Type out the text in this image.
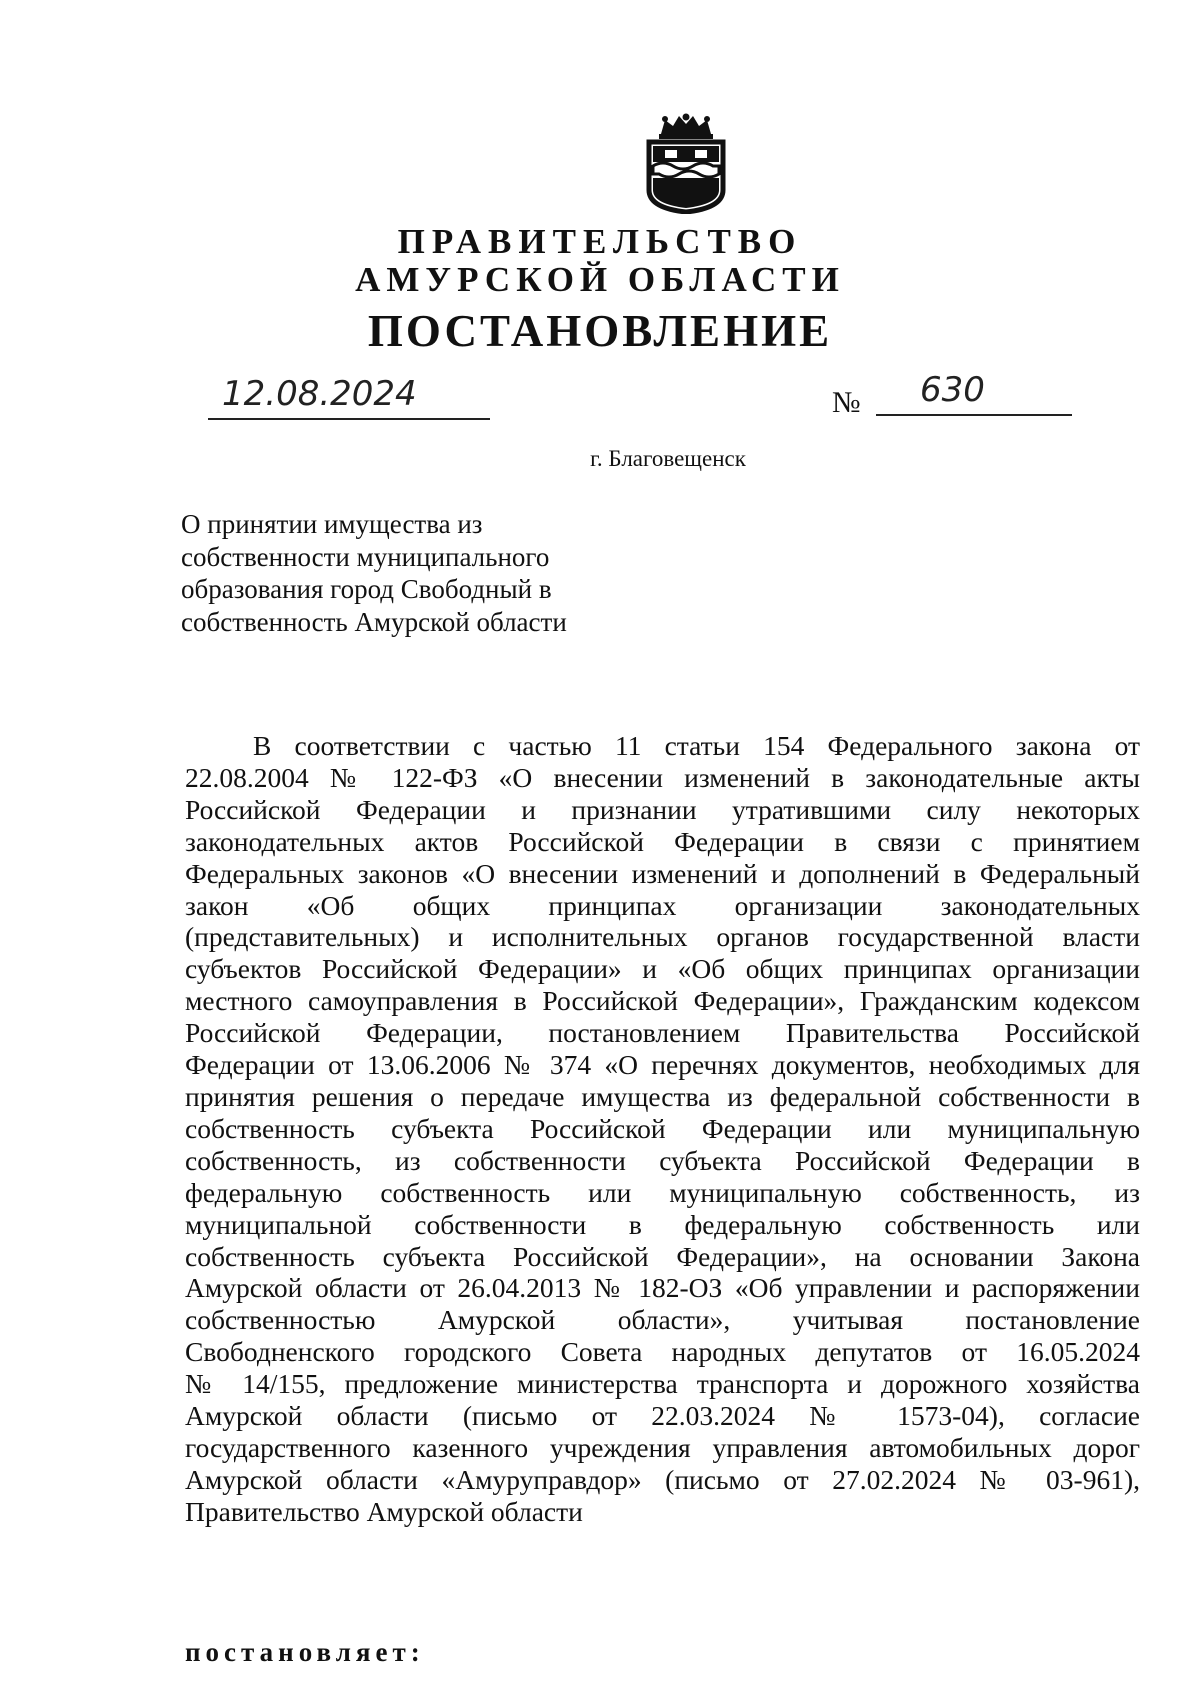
ПРАВИТЕЛЬСТВО
АМУРСКОЙ ОБЛАСТИ
ПОСТАНОВЛЕНИЕ
12.08.2024	№ 630
г. Благовещенск
О принятии имущества из
собственности муниципального
образования город Свободный в
собственность Амурской области
В соответствии с частью 11 статьи 154 Федерального закона от
22.08.2004 № 122-ФЗ «О внесении изменений в законодательные акты
Российской Федерации и признании утратившими силу некоторых
законодательных актов Российской Федерации в связи с принятием
Федеральных законов «О внесении изменений и дополнений в Федеральный
закон «Об общих принципах организации законодательных
(представительных) и исполнительных органов государственной власти
субъектов Российской Федерации» и «Об общих принципах организации
местного самоуправления в Российской Федерации», Гражданским кодексом
Российской Федерации, постановлением Правительства Российской
Федерации от 13.06.2006 № 374 «О перечнях документов, необходимых для
принятия решения о передаче имущества из федеральной собственности в
собственность субъекта Российской Федерации или муниципальную
собственность, из собственности субъекта Российской Федерации в
федеральную собственность или муниципальную собственность, из
муниципальной собственности в федеральную собственность или
собственность субъекта Российской Федерации», на основании Закона
Амурской области от 26.04.2013 № 182-ОЗ «Об управлении и распоряжении
собственностью Амурской области», учитывая постановление
Свободненского городского Совета народных депутатов от 16.05.2024
№ 14/155, предложение министерства транспорта и дорожного хозяйства
Амурской области (письмо от 22.03.2024 № 1573-04), согласие
государственного казенного учреждения управления автомобильных дорог
Амурской области «Амуруправдор» (письмо от 27.02.2024 № 03-961),
Правительство Амурской области
постановляет:
